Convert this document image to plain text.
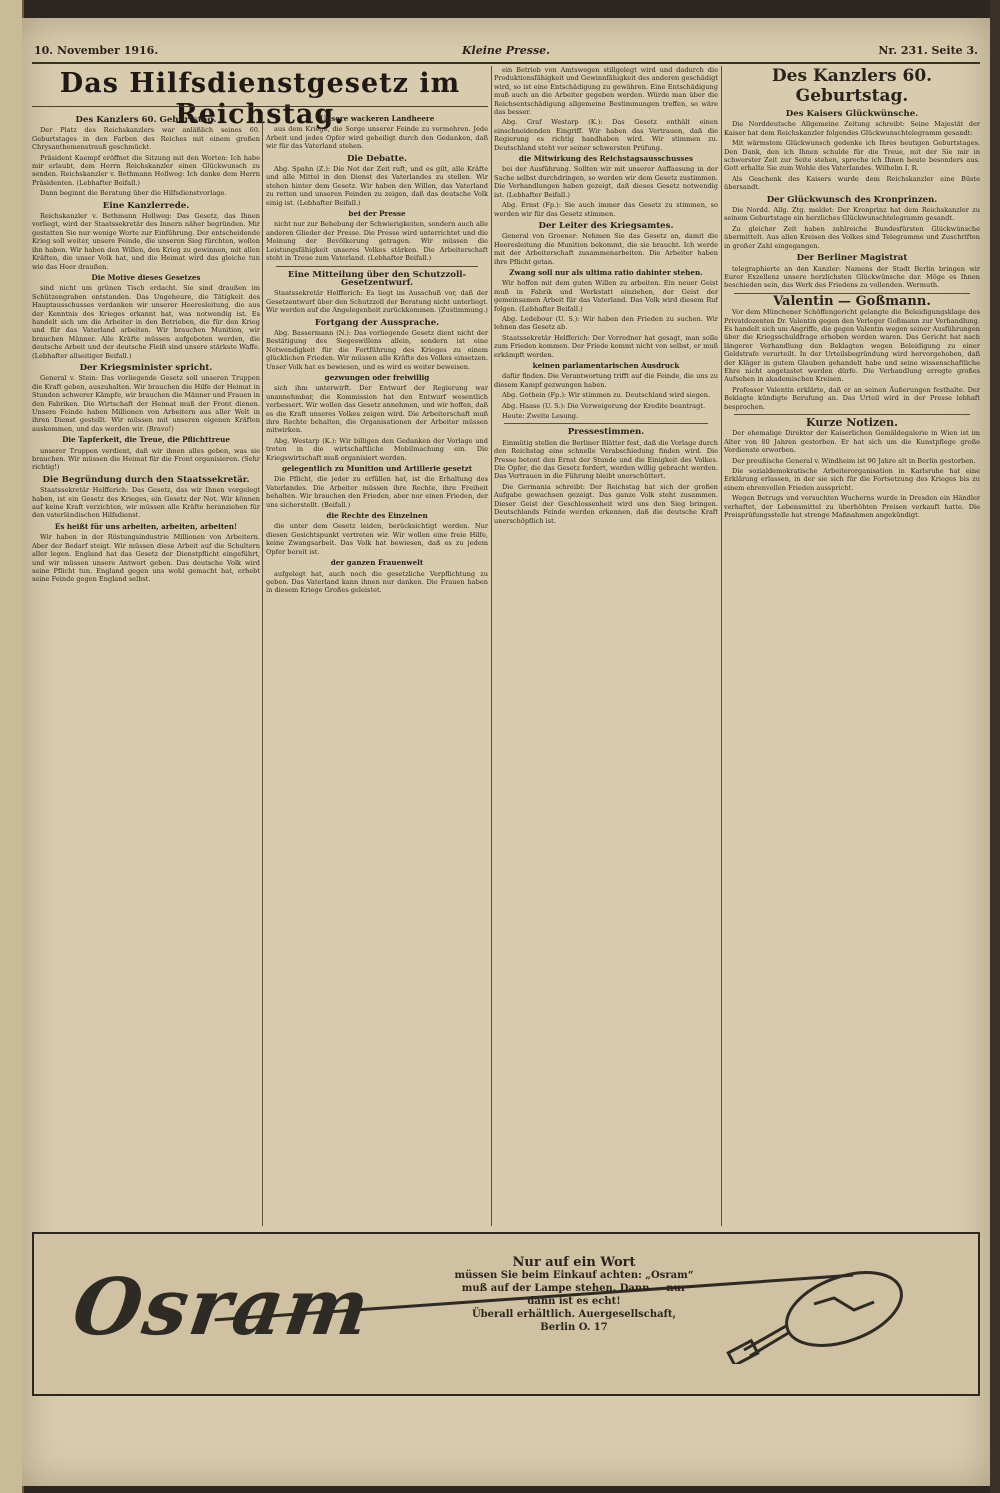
10. November 1916.	Kleine Presse.	Nr. 231. Seite 3.
Das Hilfsdienstgesetz im Reichstag.
Des Kanzlers 60. Geburtstag.

Der Platz des Reichskanzlers war anläßlich seines 60. Geburtstages in den Farben des Reiches mit einem großen Chrysanthemenstrauß geschmückt.

Präsident Kaempf eröffnet die Sitzung mit den Worten: Ich habe mir erlaubt, dem Herrn Reichskanzler einen Glückwunsch zu senden. Reichskanzler v. Bethmann Hollweg: Ich danke dem Herrn Präsidenten. (Lebhafter Beifall.)

Dann beginnt die Beratung über die Hilfsdienstvorlage.

Eine Kanzlerrede.

Reichskanzler v. Bethmann Hollweg: Das Gesetz, das Ihnen vorliegt, wird der Staatssekretär des Innern näher begründen. Mir gestatten Sie nur wenige Worte zur Einführung. Der entscheidende Krieg soll weiter, unsere Feinde, die unseren Sieg fürchten, wollen ihn haben. Wir haben den Willen, den Krieg zu gewinnen, mit allen Kräften, die unser Volk hat, und die Heimat wird das gleiche tun wie das Heer draußen.

Die Motive dieses Gesetzes

sind nicht um grünen Tisch erdacht. Sie sind draußen im Schützengraben entstanden. Das Ungeheure, die Tätigkeit des Hauptausschusses verdanken wir unserer Heeresleitung, die aus der Kenntnis des Krieges erkannt hat, was notwendig ist. Es handelt sich um die Arbeiter in den Betrieben, die für den Krieg und für das Vaterland arbeiten. Wir brauchen Munition, wir brauchen Männer. Alle Kräfte müssen aufgeboten werden, die deutsche Arbeit und der deutsche Fleiß sind unsere stärkste Waffe. (Lebhafter allseitiger Beifall.)

Der Kriegsminister spricht.

General v. Stein: Das vorliegende Gesetz soll unseren Truppen die Kraft geben, auszuhalten. Wir brauchen die Hilfe der Heimat in Stunden schwerer Kämpfe, wir brauchen die Männer und Frauen in den Fabriken. Die Wirtschaft der Heimat muß der Front dienen. Unsere Feinde haben Millionen von Arbeitern aus aller Welt in ihren Dienst gestellt. Wir müssen mit unseren eigenen Kräften auskommen, und das werden wir. (Bravo!)

Die Tapferkeit, die Treue, die Pflichttreue

unserer Truppen verdient, daß wir ihnen alles geben, was sie brauchen. Wir müssen die Heimat für die Front organisieren. (Sehr richtig!)

Die Begründung durch den Staatssekretär.

Staatssekretär Helfferich: Das Gesetz, das wir Ihnen vorgelegt haben, ist ein Gesetz des Krieges, ein Gesetz der Not. Wir können auf keine Kraft verzichten, wir müssen alle Kräfte heranziehen für den vaterländischen Hilfsdienst.

Es heißt für uns arbeiten, arbeiten, arbeiten!

Wir haben in der Rüstungsindustrie Millionen von Arbeitern. Aber der Bedarf steigt. Wir müssen diese Arbeit auf die Schultern aller legen. England hat das Gesetz der Dienstpflicht eingeführt, und wir müssen unsere Antwort geben. Das deutsche Volk wird seine Pflicht tun. England gegen uns wohl gemacht hat, erhebt seine Feinde gegen England selbst.

Unsere wackeren Landheere

aus dem Kriege, die Sorge unserer Feinde zu vermehren. Jede Arbeit und jedes Opfer wird geheiligt durch den Gedanken, daß wir für das Vaterland stehen.

Die Debatte.

Abg. Spahn (Z.): Die Not der Zeit ruft, und es gilt, alle Kräfte und alle Mittel in den Dienst des Vaterlandes zu stellen. Wir stehen hinter dem Gesetz. Wir haben den Willen, das Vaterland zu retten und unseren Feinden zu zeigen, daß das deutsche Volk einig ist. (Lebhafter Beifall.)

bei der Presse

nicht nur zur Behebung der Schwierigkeiten, sondern auch alle anderen Glieder der Presse. Die Presse wird unterrichtet und die Meinung der Bevölkerung getragen. Wir müssen die Leistungsfähigkeit unseres Volkes stärken. Die Arbeiterschaft steht in Treue zum Vaterland. (Lebhafter Beifall.)

Eine Mitteilung über den Schutzzoll-Gesetzentwurf.

Staatssekretär Helfferich: Es liegt im Ausschuß vor, daß der Gesetzentwurf über den Schutzzoll der Beratung nicht unterliegt. Wir werden auf die Angelegenheit zurückkommen. (Zustimmung.)

Fortgang der Aussprache.

Abg. Bassermann (N.): Das vorliegende Gesetz dient nicht der Bestätigung des Siegeswillens allein, sondern ist eine Notwendigkeit für die Fortführung des Krieges zu einem glücklichen Frieden. Wir müssen alle Kräfte des Volkes einsetzen. Unser Volk hat es bewiesen, und es wird es weiter beweisen.

gezwungen oder freiwillig

sich ihm unterwirft. Der Entwurf der Regierung war unannehmbar, die Kommission hat den Entwurf wesentlich verbessert. Wir wollen das Gesetz annehmen, und wir hoffen, daß es die Kraft unseres Volkes zeigen wird. Die Arbeiterschaft muß ihre Rechte behalten, die Organisationen der Arbeiter müssen mitwirken.

Abg. Westarp (K.): Wir billigen den Gedanken der Vorlage und treten in die wirtschaftliche Mobilmachung ein. Die Kriegswirtschaft muß organisiert werden.

gelegentlich zu Munition und Artillerie gesetzt

Die Pflicht, die jeder zu erfüllen hat, ist die Erhaltung des Vaterlandes. Die Arbeiter müssen ihre Rechte, ihre Freiheit behalten. Wir brauchen den Frieden, aber nur einen Frieden, der uns sicherstellt. (Beifall.)

die Rechte des Einzelnen

die unter dem Gesetz leiden, berücksichtigt werden. Nur diesen Gesichtspunkt vertreten wir. Wir wollen eine freie Hilfe, keine Zwangsarbeit. Das Volk hat bewiesen, daß es zu jedem Opfer bereit ist.

der ganzen Frauenwelt

aufgelegt hat, auch noch die gesetzliche Verpflichtung zu geben. Das Vaterland kann ihnen nur danken. Die Frauen haben in diesem Kriege Großes geleistet.

ein Betrieb von Amtswegen stillgelegt wird und dadurch die Produktionsfähigkeit und Gewinnfähigkeit des anderen geschädigt wird, so ist eine Entschädigung zu gewähren. Eine Entschädigung muß auch an die Arbeiter gegeben werden. Würde man über die Reichsentschädigung allgemeine Bestimmungen treffen, so wäre das besser.

Abg. Graf Westarp (K.): Das Gesetz enthält einen einschneidenden Eingriff. Wir haben das Vertrauen, daß die Regierung es richtig handhaben wird. Wir stimmen zu. Deutschland steht vor seiner schwersten Prüfung.

die Mitwirkung des Reichstagsausschusses

bei der Ausführung. Sollten wir mit unserer Auffassung in der Sache selbst durchdringen, so werden wir dem Gesetz zustimmen. Die Verhandlungen haben gezeigt, daß dieses Gesetz notwendig ist. (Lebhafter Beifall.)

Abg. Ernst (Fp.): Sie auch immer das Gesetz zu stimmen, so werden wir für das Gesetz stimmen.

Der Leiter des Kriegsamtes.

General von Groener: Nehmen Sie das Gesetz an, damit die Heeresleitung die Munition bekommt, die sie braucht. Ich werde mit der Arbeiterschaft zusammenarbeiten. Die Arbeiter haben ihre Pflicht getan.

Zwang soll nur als ultima ratio dahinter stehen.

Wir hoffen mit dem guten Willen zu arbeiten. Ein neuer Geist muß in Fabrik und Werkstatt einziehen, der Geist der gemeinsamen Arbeit für das Vaterland. Das Volk wird diesem Ruf folgen. (Lebhafter Beifall.)

Abg. Ledebour (U. S.): Wir haben den Frieden zu suchen. Wir lehnen das Gesetz ab.

Staatssekretär Helfferich: Der Vorredner hat gesagt, man solle zum Frieden kommen. Der Friede kommt nicht von selbst, er muß erkämpft werden.

keinen parlamentarischen Ausdruck

dafür finden. Die Verantwortung trifft auf die Feinde, die uns zu diesem Kampf gezwungen haben.

Abg. Gothein (Fp.): Wir stimmen zu. Deutschland wird siegen.

Abg. Haase (U. S.): Die Verweigerung der Kredite beantragt.

Heute: Zweite Lesung.

Pressestimmen.

Einmütig stellen die Berliner Blätter fest, daß die Vorlage durch den Reichstag eine schnelle Verabschiedung finden wird. Die Presse betont den Ernst der Stunde und die Einigkeit des Volkes. Die Opfer, die das Gesetz fordert, werden willig gebracht werden. Das Vertrauen in die Führung bleibt unerschüttert.

Die Germania schreibt: Der Reichstag hat sich der großen Aufgabe gewachsen gezeigt. Das ganze Volk steht zusammen. Dieser Geist der Geschlossenheit wird uns den Sieg bringen. Deutschlands Feinde werden erkennen, daß die deutsche Kraft unerschöpflich ist.

Des Kanzlers 60. Geburtstag.
Des Kaisers Glückwünsche.

Die Norddeutsche Allgemeine Zeitung schreibt: Seine Majestät der Kaiser hat dem Reichskanzler folgendes Glückwunschtelegramm gesandt:

Mit wärmstem Glückwunsch gedenke ich Ihres heutigen Geburtstages. Den Dank, den ich Ihnen schulde für die Treue, mit der Sie mir in schwerster Zeit zur Seite stehen, spreche ich Ihnen heute besonders aus. Gott erhalte Sie zum Wohle des Vaterlandes. Wilhelm I. R.

Als Geschenk des Kaisers wurde dem Reichskanzler eine Büste übersandt.

Der Glückwunsch des Kronprinzen.

Die Nordd. Allg. Ztg. meldet: Der Kronprinz hat dem Reichskanzler zu seinem Geburtstage ein herzliches Glückwunschtelegramm gesandt.

Zu gleicher Zeit haben zahlreiche Bundesfürsten Glückwünsche übermittelt. Aus allen Kreisen des Volkes sind Telegramme und Zuschriften in großer Zahl eingegangen.

Der Berliner Magistrat

telegraphierte an den Kanzler: Namens der Stadt Berlin bringen wir Eurer Exzellenz unsere herzlichsten Glückwünsche dar. Möge es Ihnen beschieden sein, das Werk des Friedens zu vollenden. Wermuth.

Valentin — Goßmann.

Vor dem Münchener Schöffengericht gelangte die Beleidigungsklage des Privatdozenten Dr. Valentin gegen den Verleger Goßmann zur Verhandlung. Es handelt sich um Angriffe, die gegen Valentin wegen seiner Ausführungen über die Kriegsschuldfrage erhoben worden waren. Das Gericht hat nach längerer Verhandlung den Beklagten wegen Beleidigung zu einer Geldstrafe verurteilt. In der Urteilsbegründung wird hervorgehoben, daß der Kläger in gutem Glauben gehandelt habe und seine wissenschaftliche Ehre nicht angetastet werden dürfe. Die Verhandlung erregte großes Aufsehen in akademischen Kreisen.

Professor Valentin erklärte, daß er an seinen Äußerungen festhalte. Der Beklagte kündigte Berufung an. Das Urteil wird in der Presse lebhaft besprochen.

Kurze Notizen.

Der ehemalige Direktor der Kaiserlichen Gemäldegalerie in Wien ist im Alter von 80 Jahren gestorben. Er hat sich um die Kunstpflege große Verdienste erworben.

Der preußische General v. Windheim ist 90 Jahre alt in Berlin gestorben.

Die sozialdemokratische Arbeiterorganisation in Karlsruhe hat eine Erklärung erlassen, in der sie sich für die Fortsetzung des Krieges bis zu einem ehrenvollen Frieden ausspricht.

Wegen Betrugs und versuchten Wucherns wurde in Dresden ein Händler verhaftet, der Lebensmittel zu überhöhten Preisen verkauft hatte. Die Preisprüfungsstelle hat strenge Maßnahmen angekündigt.

Osram	Nur auf ein Wort
müssen Sie beim Einkauf achten: „Osram“ muß auf der Lampe stehen. Dann — nur dann ist es echt!
Überall erhältlich. Auergesellschaft, Berlin O. 17
